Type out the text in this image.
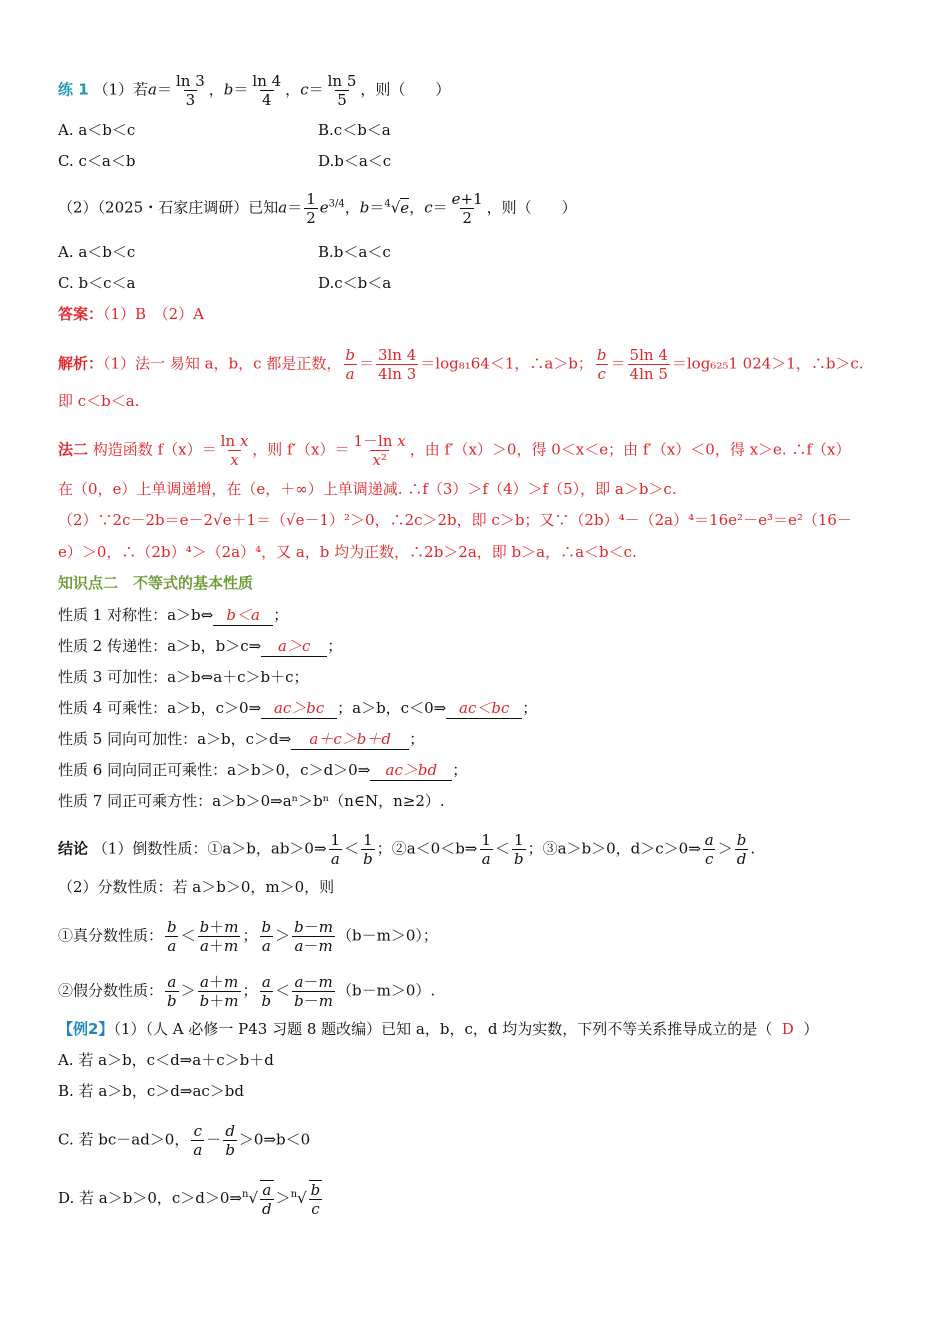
练 1 （1）若$a= \frac{\ln 3}{3}$ ，$b= \frac{\ln 4}{4}$ ，$c= \frac{\ln 5}{5}$ ，则（　　）
A. a＜b＜c	B.c＜b＜a
C. c＜a＜b	D.b＜a＜c
（2）（2025・石家庄调研）已知$a= \frac{1}{2} e^{3/4}$，b＝$^4$√e，$c= \frac{e+1}{2}$ ，则（　　）
A. a＜b＜c	B.b＜a＜c
C. b＜c＜a	D.c＜b＜a
答案：（1）B　（2）A
解析：（1）法一 易知 a，b，c 都是正数， $\frac{b}{a} = \frac{3\ln 4}{4\ln 3} =\log_{81}64<1$，∴a＞b； $\frac{b}{c} = \frac{5\ln 4}{4\ln 5} =\log_{625}1$ 024＞1，∴b＞c.
即 c＜b＜a.
法二 构造函数 $f(x)= \frac{\text{ln x}}{x}$ ，则 $f'(x)= \frac{\text{1－ln x}}{\text{x²}}$ ，由 f′（x）＞0，得 0＜x＜e；由 f′（x）＜0，得 x＞e. ∴f（x）
在（0，e）上单调递增，在（e，＋∞）上单调递减. ∴f（3）＞f（4）＞f（5），即 a＞b＞c.
（2）∵2c－2b＝e－2√e＋1＝（√e－1）²＞0，∴2c＞2b，即 c＞b；又∵（2b）⁴－（2a）⁴＝16e²－e³＝e²（16－
e）＞0，∴（2b）⁴＞（2a）⁴，又 a，b 均为正数，∴2b＞2a，即 b＞a，∴a＜b＜c.
知识点二　不等式的基本性质
性质 1 对称性：a＞b⇔ b＜a ；
性质 2 传递性：a＞b，b＞c⇒ a＞c ；
性质 3 可加性：a＞b⇔a＋c＞b＋c；
性质 4 可乘性：a＞b，c＞0⇒ ac＞bc ；a＞b，c＜0⇒ ac＜bc ；
性质 5 同向可加性：a＞b，c＞d⇒ a＋c＞b＋d ；
性质 6 同向同正可乘性：a＞b＞0，c＞d＞0⇒ ac＞bd ；
性质 7 同正可乘方性：a＞b＞0⇒aⁿ＞bⁿ（n∈N，n≥2）.
结论 （1）倒数性质：①a＞b，ab＞0⇒ $\frac{1}{a} < \frac{1}{b}$ ；②a＜0＜b⇒ $\frac{1}{a} < \frac{1}{b}$ ；③a＞b＞0，d＞c＞0⇒ $\frac{a}{c} > \frac{b}{d}$ .
（2）分数性质：若 a＞b＞0，m＞0，则
①真分数性质： $\frac{b}{a} < \frac{b+m}{a+m}$ ； $\frac{b}{a} > \frac{b-m}{a-m} (b-m>0)$；
②假分数性质： $\frac{a}{b} > \frac{a+m}{b+m}$ ； $\frac{a}{b} < \frac{a-m}{b-m} (b-m>0)$.
【例2】（1）（人 A 必修一 P43 习题 8 题改编）已知 a，b，c，d 均为实数，下列不等关系推导成立的是（ D ）
A. 若 a＞b，c＜d⇒a＋c＞b＋d
B. 若 a＞b，c＞d⇒ac＞bd
C. 若 bc－ad＞0， $\frac{c}{a} - \frac{d}{b}$ ＞0⇒b＜0
D. 若 a＞b＞0，c＞d＞0⇒$^n$√ $\frac{a}{d} >^n√ \frac{b}{c}$
